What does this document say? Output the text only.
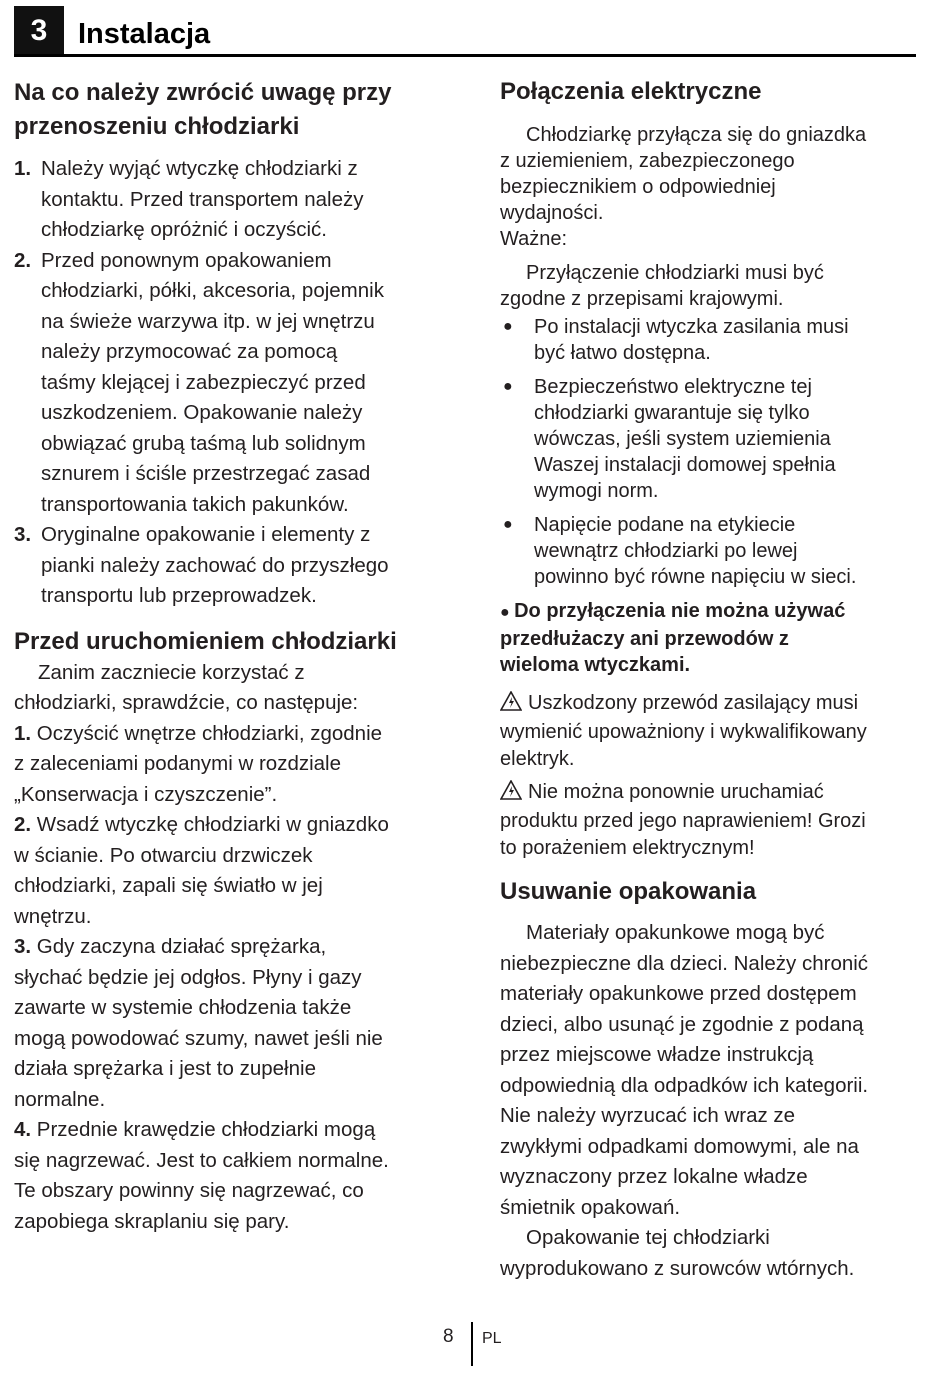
3	Instalacja
Na co należy zwrócić uwagę przy
przenoszeniu chłodziarki
1. Należy wyjąć wtyczkę chłodziarki z
kontaktu. Przed transportem należy
chłodziarkę opróżnić i oczyścić.
2. Przed ponownym opakowaniem
chłodziarki, półki, akcesoria, pojemnik
na świeże warzywa itp. w jej wnętrzu
należy przymocować za pomocą
taśmy klejącej i zabezpieczyć przed
uszkodzeniem. Opakowanie należy
obwiązać grubą taśmą lub solidnym
sznurem i ściśle przestrzegać zasad
transportowania takich pakunków.
3. Oryginalne opakowanie i elementy z
pianki należy zachować do przyszłego
transportu lub przeprowadzek.
Przed uruchomieniem chłodziarki
Zanim zaczniecie korzystać z
chłodziarki, sprawdźcie, co następuje:
1. Oczyścić wnętrze chłodziarki, zgodnie
z zaleceniami podanymi w rozdziale
„Konserwacja i czyszczenie”.
2. Wsadź wtyczkę chłodziarki w gniazdko
w ścianie. Po otwarciu drzwiczek
chłodziarki, zapali się światło w jej
wnętrzu.
3. Gdy zaczyna działać sprężarka,
słychać będzie jej odgłos. Płyny i gazy
zawarte w systemie chłodzenia także
mogą powodować szumy, nawet jeśli nie
działa sprężarka i jest to zupełnie
normalne.
4. Przednie krawędzie chłodziarki mogą
się nagrzewać. Jest to całkiem normalne.
Te obszary powinny się nagrzewać, co
zapobiega skraplaniu się pary.
Połączenia elektryczne
Chłodziarkę przyłącza się do gniazdka
z uziemieniem, zabezpieczonego
bezpiecznikiem o odpowiedniej
wydajności.
Ważne:
Przyłączenie chłodziarki musi być
zgodne z przepisami krajowymi.
● Po instalacji wtyczka zasilania musi
być łatwo dostępna.
● Bezpieczeństwo elektryczne tej
chłodziarki gwarantuje się tylko
wówczas, jeśli system uziemienia
Waszej instalacji domowej spełnia
wymogi norm.
● Napięcie podane na etykiecie
wewnątrz chłodziarki po lewej
powinno być równe napięciu w sieci.
● Do przyłączenia nie można używać
przedłużaczy ani przewodów z
wieloma wtyczkami.
Uszkodzony przewód zasilający musi
wymienić upoważniony i wykwalifikowany
elektryk.
Nie można ponownie uruchamiać
produktu przed jego naprawieniem! Grozi
to porażeniem elektrycznym!
Usuwanie opakowania
Materiały opakunkowe mogą być
niebezpieczne dla dzieci. Należy chronić
materiały opakunkowe przed dostępem
dzieci, albo usunąć je zgodnie z podaną
przez miejscowe władze instrukcją
odpowiednią dla odpadków ich kategorii.
Nie należy wyrzucać ich wraz ze
zwykłymi odpadkami domowymi, ale na
wyznaczony przez lokalne władze
śmietnik opakowań.
Opakowanie tej chłodziarki
wyprodukowano z surowców wtórnych.
8 PL
